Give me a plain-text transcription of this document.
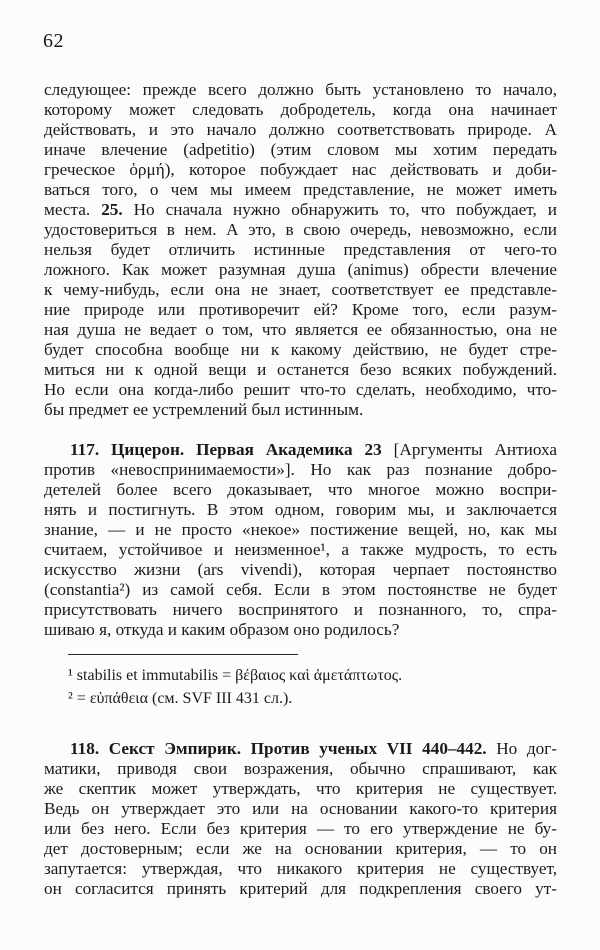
62
следующее: прежде всего должно быть установлено то начало,
которому может следовать добродетель, когда она начинает
действовать, и это начало должно соответствовать природе. А
иначе влечение (adpetitio) (этим словом мы хотим передать
греческое ὁρμή), которое побуждает нас действовать и доби-
ваться того, о чем мы имеем представление, не может иметь
места. 25. Но сначала нужно обнаружить то, что побуждает, и
удостовериться в нем. А это, в свою очередь, невозможно, если
нельзя будет отличить истинные представления от чего-то
ложного. Как может разумная душа (animus) обрести влечение
к чему-нибудь, если она не знает, соответствует ее представле-
ние природе или противоречит ей? Кроме того, если разум-
ная душа не ведает о том, что является ее обязанностью, она не
будет способна вообще ни к какому действию, не будет стре-
миться ни к одной вещи и останется безо всяких побуждений.
Но если она когда-либо решит что-то сделать, необходимо, что-
бы предмет ее устремлений был истинным.
117. Цицерон. Первая Академика 23 [Аргументы Антиоха
против «невоспринимаемости»]. Но как раз познание добро-
детелей более всего доказывает, что многое можно воспри-
нять и постигнуть. В этом одном, говорим мы, и заключается
знание, — и не просто «некое» постижение вещей, но, как мы
считаем, устойчивое и неизменное¹, а также мудрость, то есть
искусство жизни (ars vivendi), которая черпает постоянство
(constantia²) из самой себя. Если в этом постоянстве не будет
присутствовать ничего воспринятого и познанного, то, спра-
шиваю я, откуда и каким образом оно родилось?
¹ stabilis et immutabilis = βέβαιος καὶ ἀμετάπτωτος.
² = εὐπάθεια (см. SVF III 431 сл.).
118. Секст Эмпирик. Против ученых VII 440–442. Но дог-
матики, приводя свои возражения, обычно спрашивают, как
же скептик может утверждать, что критерия не существует.
Ведь он утверждает это или на основании какого-то критерия
или без него. Если без критерия — то его утверждение не бу-
дет достоверным; если же на основании критерия, — то он
запутается: утверждая, что никакого критерия не существует,
он согласится принять критерий для подкрепления своего ут-
